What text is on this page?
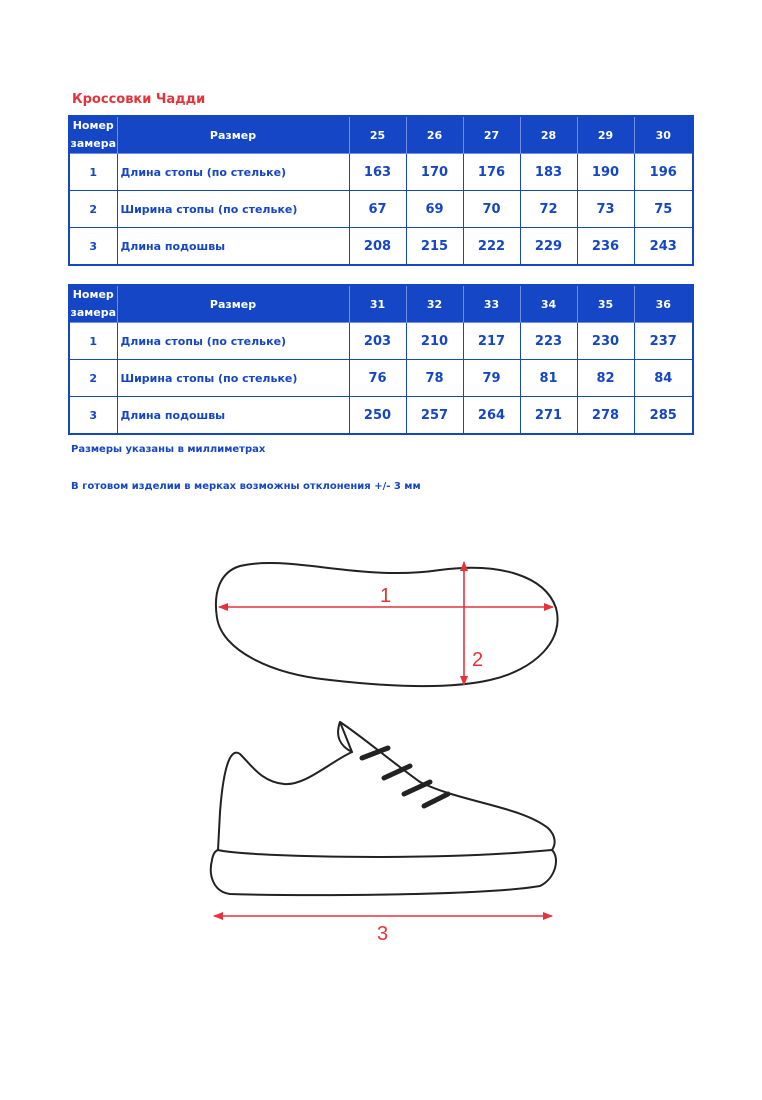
Кроссовки Чадди
Номер замера	Размер	25	26	27	28	29	30
1	Длина стопы (по стельке)	163	170	176	183	190	196
2	Ширина стопы (по стельке)	67	69	70	72	73	75
3	Длина подошвы	208	215	222	229	236	243
Номер замера	Размер	31	32	33	34	35	36
1	Длина стопы (по стельке)	203	210	217	223	230	237
2	Ширина стопы (по стельке)	76	78	79	81	82	84
3	Длина подошвы	250	257	264	271	278	285
Размеры указаны в миллиметрах
В готовом изделии в мерках возможны отклонения +/- 3 мм
1
2
3
